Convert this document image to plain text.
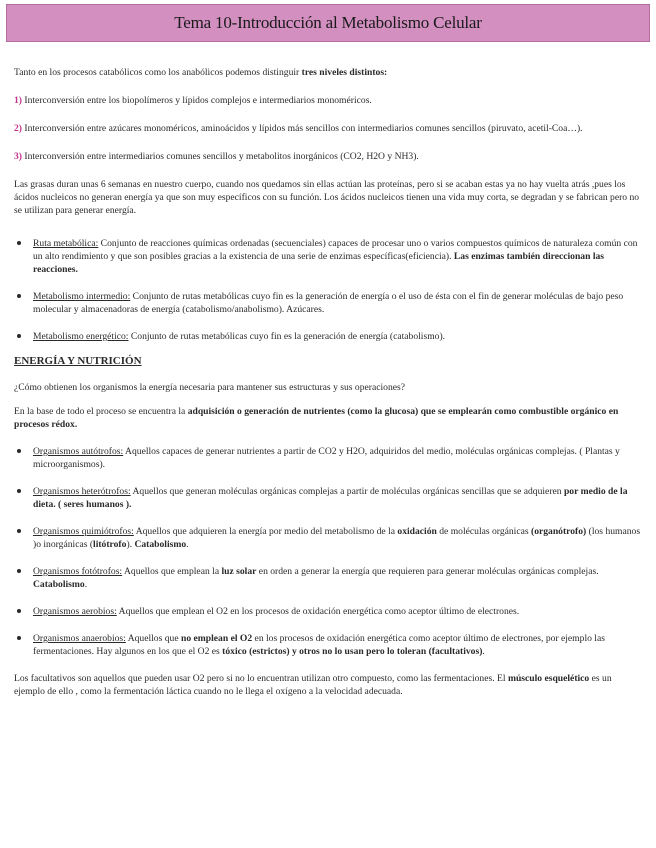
Tema 10-Introducción al Metabolismo Celular

Tanto en los procesos catabólicos como los anabólicos podemos distinguir tres niveles distintos:

1) Interconversión entre los biopolímeros y lípidos complejos e intermediarios monoméricos.

2) Interconversión entre azúcares monoméricos, aminoácidos y lípidos más sencillos con intermediarios comunes sencillos (piruvato, acetil-Coa…).

3) Interconversión entre intermediarios comunes sencillos y metabolitos inorgánicos (CO2, H2O y NH3).

Las grasas duran unas 6 semanas en nuestro cuerpo, cuando nos quedamos sin ellas actúan las proteínas, pero si se acaban estas ya no hay vuelta atrás ,pues los ácidos nucleicos no generan energía ya que son muy específicos con su función. Los ácidos nucleicos tienen una vida muy corta, se degradan y se fabrican pero no se utilizan para generar energía.

Ruta metabólica: Conjunto de reacciones químicas ordenadas (secuenciales) capaces de procesar uno o varios compuestos químicos de naturaleza común con un alto rendimiento y que son posibles gracias a la existencia de una serie de enzimas específicas(eficiencia). Las enzimas también direccionan las reacciones.
Metabolismo intermedio: Conjunto de rutas metabólicas cuyo fin es la generación de energía o el uso de ésta con el fin de generar moléculas de bajo peso molecular y almacenadoras de energía (catabolismo/anabolismo). Azúcares.
Metabolismo energético: Conjunto de rutas metabólicas cuyo fin es la generación de energía (catabolismo).

ENERGÍA Y NUTRICIÓN

¿Cómo obtienen los organismos la energía necesaria para mantener sus estructuras y sus operaciones?

En la base de todo el proceso se encuentra la adquisición o generación de nutrientes (como la glucosa) que se emplearán como combustible orgánico en procesos rédox.

Organismos autótrofos: Aquellos capaces de generar nutrientes a partir de CO2 y H2O, adquiridos del medio, moléculas orgánicas complejas. ( Plantas y microorganismos).
Organismos heterótrofos: Aquellos que generan moléculas orgánicas complejas a partir de moléculas orgánicas sencillas que se adquieren por medio de la dieta. ( seres humanos ).
Organismos quimiótrofos: Aquellos que adquieren la energía por medio del metabolismo de la oxidación de moléculas orgánicas (organótrofo) (los humanos )o inorgánicas (litótrofo). Catabolismo.
Organismos fotótrofos: Aquellos que emplean la luz solar en orden a generar la energía que requieren para generar moléculas orgánicas complejas. Catabolismo.
Organismos aerobios: Aquellos que emplean el O2 en los procesos de oxidación energética como aceptor último de electrones.
Organismos anaerobios: Aquellos que no emplean el O2 en los procesos de oxidación energética como aceptor último de electrones, por ejemplo las fermentaciones. Hay algunos en los que el O2 es tóxico (estrictos) y otros no lo usan pero lo toleran (facultativos).

Los facultativos son aquellos que pueden usar O2 pero si no lo encuentran utilizan otro compuesto, como las fermentaciones. El músculo esquelético es un ejemplo de ello , como la fermentación láctica cuando no le llega el oxígeno a la velocidad adecuada.
